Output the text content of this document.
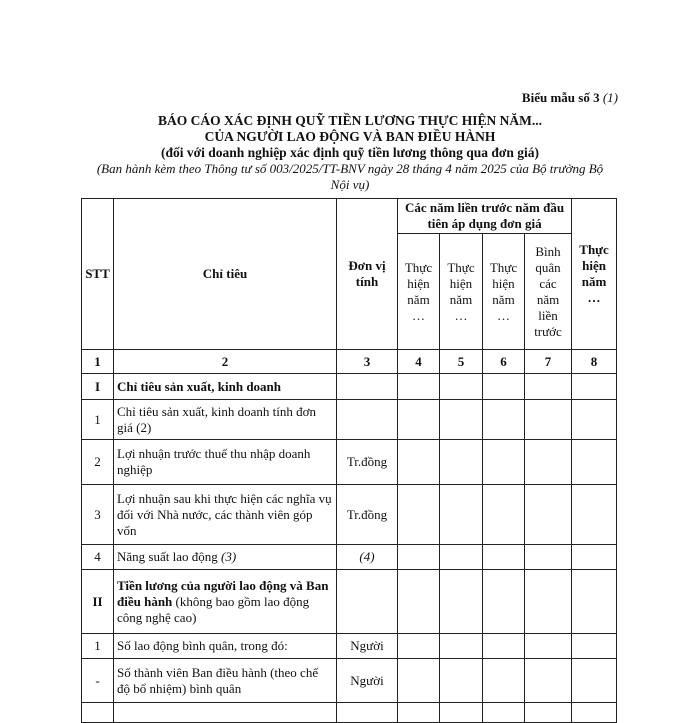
Biểu mẫu số 3 (1)
BÁO CÁO XÁC ĐỊNH QUỸ TIỀN LƯƠNG THỰC HIỆN NĂM...
CỦA NGƯỜI LAO ĐỘNG VÀ BAN ĐIỀU HÀNH
(đối với doanh nghiệp xác định quỹ tiền lương thông qua đơn giá)
(Ban hành kèm theo Thông tư số 003/2025/TT-BNV ngày 28 tháng 4 năm 2025 của Bộ trưởng Bộ Nội vụ)
STT	Chỉ tiêu	Đơn vị tính	Các năm liền trước năm đầu tiên áp dụng đơn giá				Thực hiện năm …
			Thực hiện năm …	Thực hiện năm …	Thực hiện năm …	Bình quân các năm liền trước	
1	2	3	4	5	6	7	8
I	Chỉ tiêu sản xuất, kinh doanh						
1	Chỉ tiêu sản xuất, kinh doanh tính đơn giá (2)						
2	Lợi nhuận trước thuế thu nhập doanh nghiệp	Tr.đồng					
3	Lợi nhuận sau khi thực hiện các nghĩa vụ đối với Nhà nước, các thành viên góp vốn	Tr.đồng					
4	Năng suất lao động (3)	(4)					
II	Tiền lương của người lao động và Ban điều hành (không bao gồm lao động công nghệ cao)						
1	Số lao động bình quân, trong đó:	Người					
-	Số thành viên Ban điều hành (theo chế độ bổ nhiệm) bình quân	Người					
